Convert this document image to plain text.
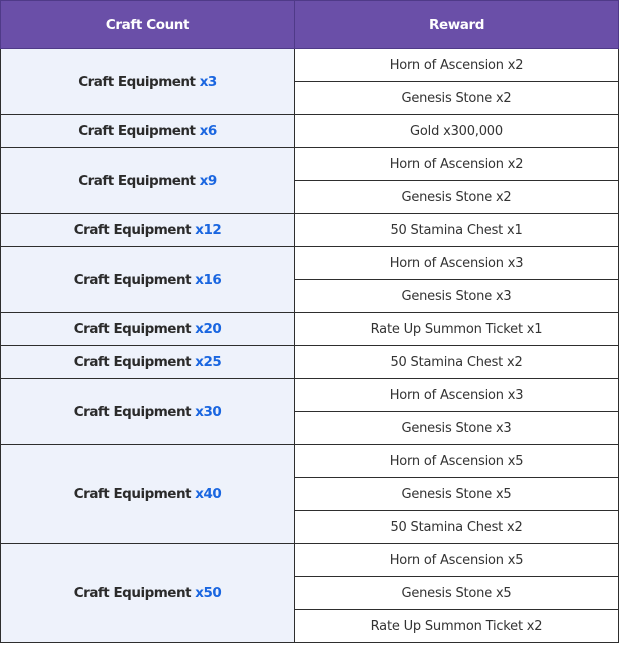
Craft Count	Reward
Craft Equipment x3	Horn of Ascension x2
	Genesis Stone x2
Craft Equipment x6	Gold x300,000
Craft Equipment x9	Horn of Ascension x2
	Genesis Stone x2
Craft Equipment x12	50 Stamina Chest x1
Craft Equipment x16	Horn of Ascension x3
	Genesis Stone x3
Craft Equipment x20	Rate Up Summon Ticket x1
Craft Equipment x25	50 Stamina Chest x2
Craft Equipment x30	Horn of Ascension x3
	Genesis Stone x3
Craft Equipment x40	Horn of Ascension x5
	Genesis Stone x5
	50 Stamina Chest x2
Craft Equipment x50	Horn of Ascension x5
	Genesis Stone x5
	Rate Up Summon Ticket x2
